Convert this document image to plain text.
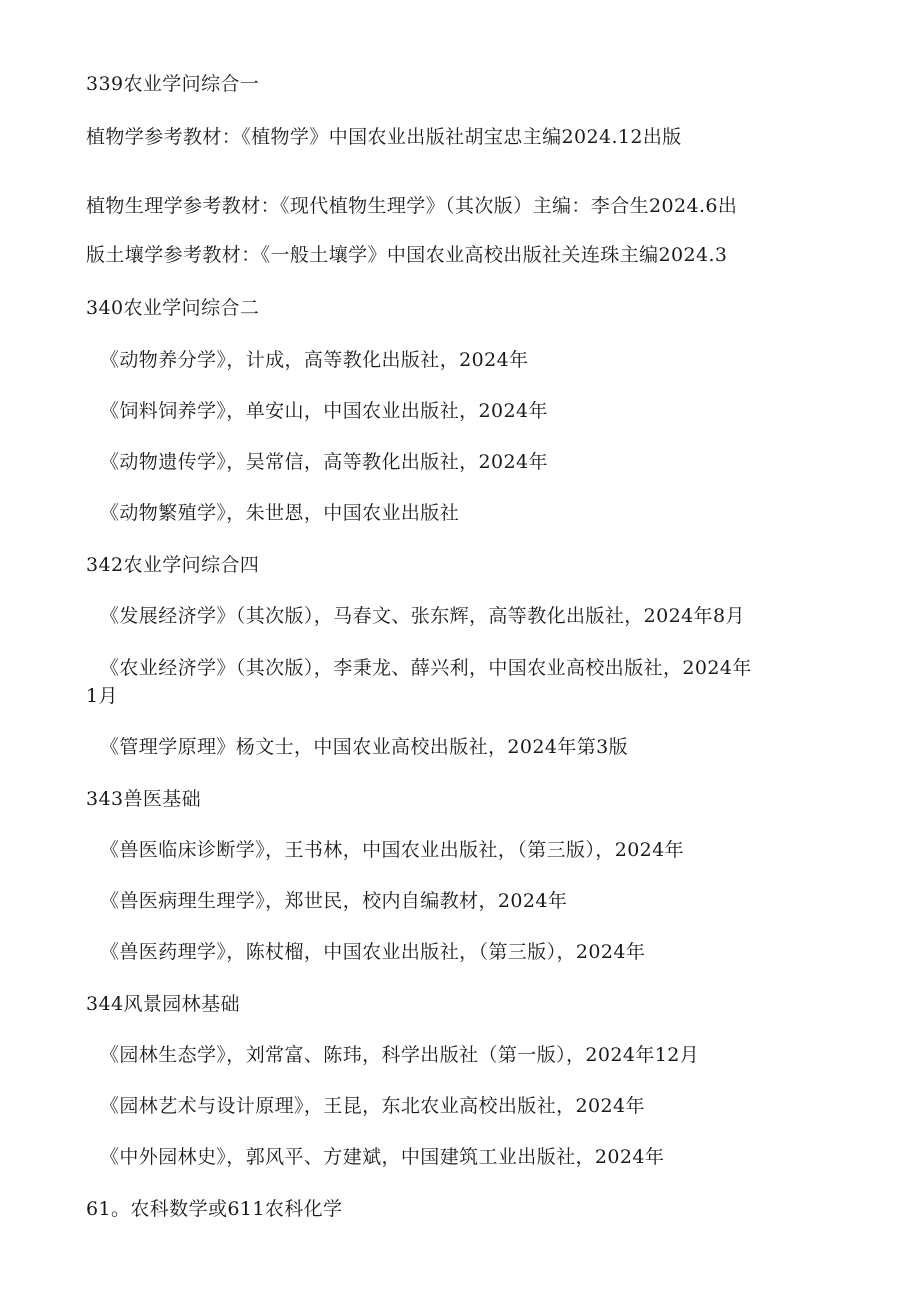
339农业学问综合一
植物学参考教材：《植物学》中国农业出版社胡宝忠主编2024.12出版
植物生理学参考教材：《现代植物生理学》（其次版）主编：李合生2024.6出
版土壤学参考教材：《一般土壤学》中国农业高校出版社关连珠主编2024.3
340农业学问综合二
《动物养分学》，计成，高等教化出版社，2024年
《饲料饲养学》，单安山，中国农业出版社，2024年
《动物遗传学》，吴常信，高等教化出版社，2024年
《动物繁殖学》，朱世恩，中国农业出版社
342农业学问综合四
《发展经济学》（其次版），马春文、张东辉，高等教化出版社，2024年8月
《农业经济学》（其次版），李秉龙、薛兴利，中国农业高校出版社，2024年
1月
《管理学原理》杨文士，中国农业高校出版社，2024年第3版
343兽医基础
《兽医临床诊断学》，王书林，中国农业出版社，（第三版），2024年
《兽医病理生理学》，郑世民，校内自编教材，2024年
《兽医药理学》，陈杖榴，中国农业出版社，（第三版），2024年
344风景园林基础
《园林生态学》，刘常富、陈玮，科学出版社（第一版），2024年12月
《园林艺术与设计原理》，王昆，东北农业高校出版社，2024年
《中外园林史》，郭风平、方建斌，中国建筑工业出版社，2024年
61。农科数学或611农科化学
